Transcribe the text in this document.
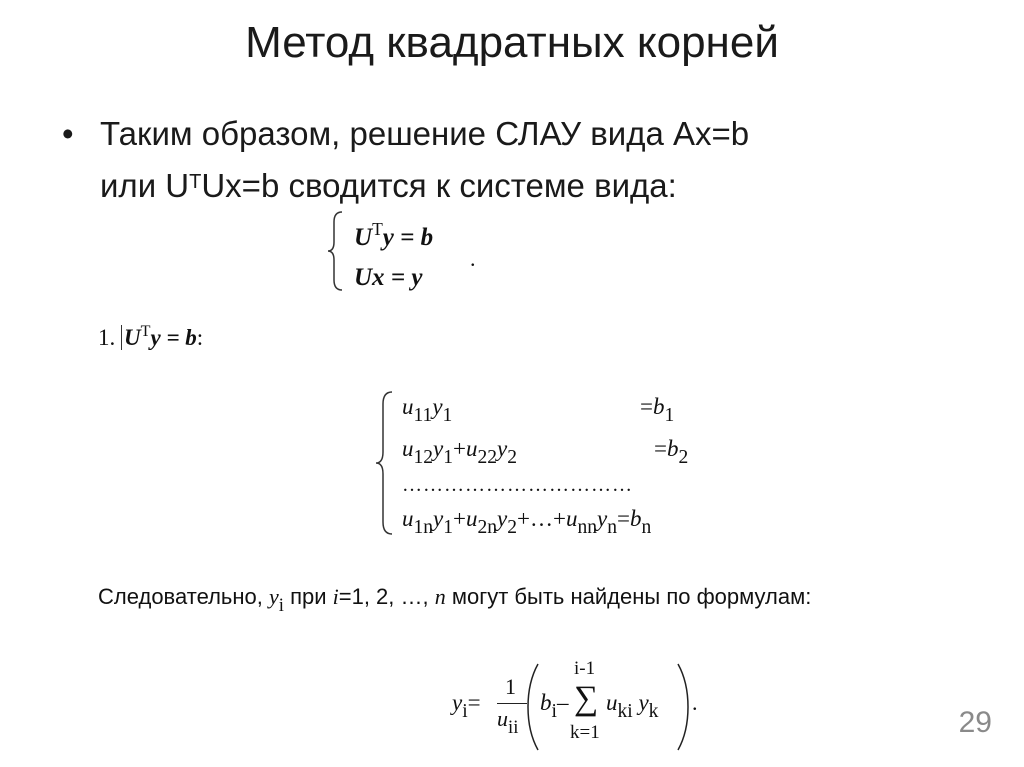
Метод квадратных корней
• Таким образом, решение СЛАУ вида Ax=b
или $U^TUx=b$ сводится к системе вида:
$U^Ty = b$
Ux = y
.
1. $U^Ty = b$:
$u_{11}y_1$	$=b_1$
$u_{12}y_1+u_{22}y_2$	$=b_2$
……………………………
$u_{1n}y_1+u_{2n}y_2+\dots+u_{nn}y_n=b_n$
Следовательно, $y_i$ при i=1, 2, …, n могут быть найдены по формулам:
$y_i=$
1
$u_{ii}$
$b_i-$
i-1
∑
k=1
$u_{ki}$ $y_k$ .
29
